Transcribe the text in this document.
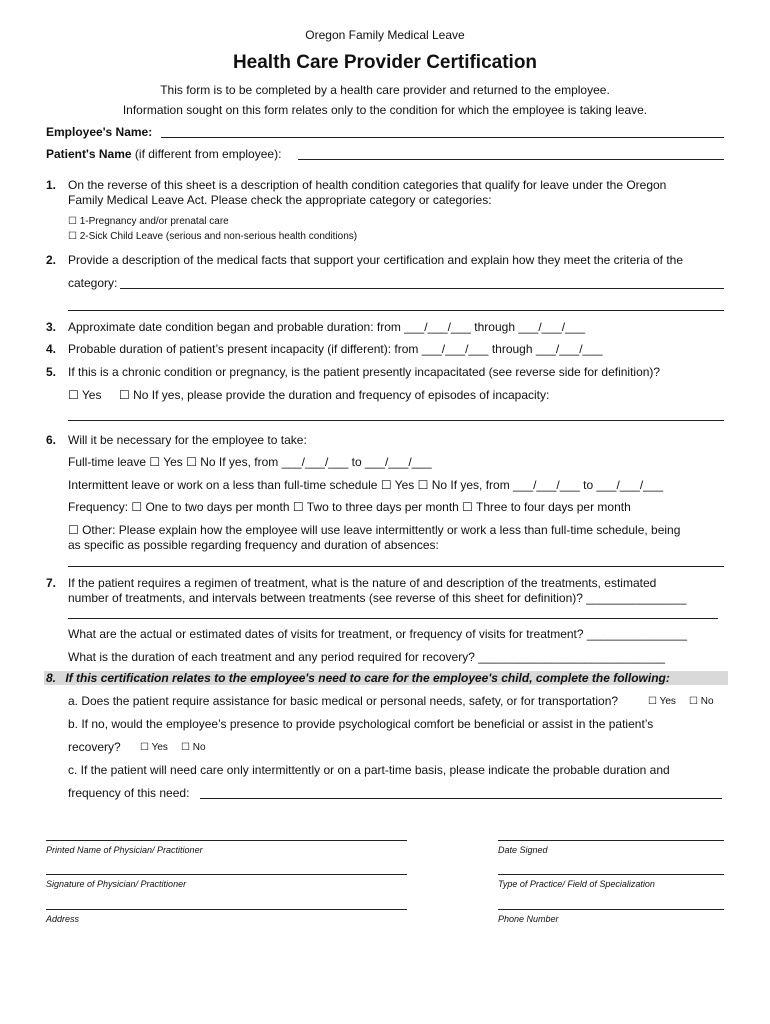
Oregon Family Medical Leave
Health Care Provider Certification
This form is to be completed by a health care provider and returned to the employee.
Information sought on this form relates only to the condition for which the employee is taking leave.
Employee's Name:
Patient's Name (if different from employee):
1. On the reverse of this sheet is a description of health condition categories that qualify for leave under the Oregon
Family Medical Leave Act. Please check the appropriate category or categories:
☐ 1-Pregnancy and/or prenatal care
☐ 2-Sick Child Leave (serious and non-serious health conditions)
2. Provide a description of the medical facts that support your certification and explain how they meet the criteria of the
category:
3. Approximate date condition began and probable duration: from ___/___/___ through ___/___/___
4. Probable duration of patient’s present incapacity (if different): from ___/___/___ through ___/___/___
5. If this is a chronic condition or pregnancy, is the patient presently incapacitated (see reverse side for definition)?
☐ Yes ☐ No If yes, please provide the duration and frequency of episodes of incapacity:
6. Will it be necessary for the employee to take:
Full-time leave ☐ Yes ☐ No If yes, from ___/___/___ to ___/___/___
Intermittent leave or work on a less than full-time schedule ☐ Yes ☐ No If yes, from ___/___/___ to ___/___/___
Frequency: ☐ One to two days per month ☐ Two to three days per month ☐ Three to four days per month
☐ Other: Please explain how the employee will use leave intermittently or work a less than full-time schedule, being
as specific as possible regarding frequency and duration of absences:
7. If the patient requires a regimen of treatment, what is the nature of and description of the treatments, estimated
number of treatments, and intervals between treatments (see reverse of this sheet for definition)? _______________
What are the actual or estimated dates of visits for treatment, or frequency of visits for treatment? _______________
What is the duration of each treatment and any period required for recovery? ____________________________
8. If this certification relates to the employee's need to care for the employee's child, complete the following:
a. Does the patient require assistance for basic medical or personal needs, safety, or for transportation?	☐ Yes ☐ No
b. If no, would the employee’s presence to provide psychological comfort be beneficial or assist in the patient’s
recovery? ☐ Yes ☐ No
c. If the patient will need care only intermittently or on a part-time basis, please indicate the probable duration and
frequency of this need:
Printed Name of Physician/ Practitioner	Date Signed
Signature of Physician/ Practitioner	Type of Practice/ Field of Specialization
Address	Phone Number
